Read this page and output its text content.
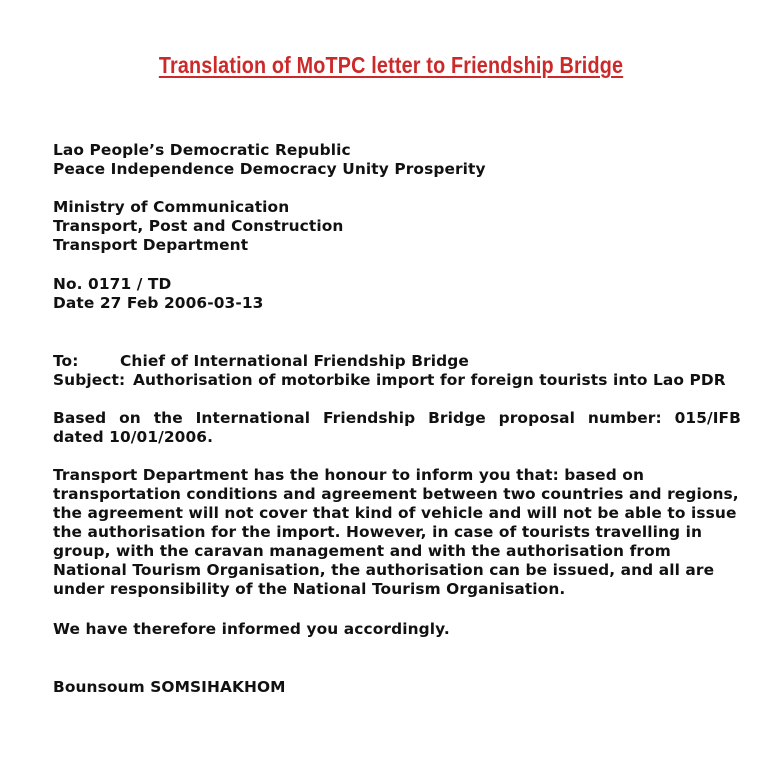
Translation of MoTPC letter to Friendship Bridge
Lao People’s Democratic Republic
Peace Independence Democracy Unity Prosperity
Ministry of Communication
Transport, Post and Construction
Transport Department
No. 0171 / TD
Date 27 Feb 2006-03-13
To:	Chief of International Friendship Bridge
Subject: Authorisation of motorbike import for foreign tourists into Lao PDR
Based on the International Friendship Bridge proposal number: 015/IFB
dated 10/01/2006.
Transport Department has the honour to inform you that: based on
transportation conditions and agreement between two countries and regions,
the agreement will not cover that kind of vehicle and will not be able to issue
the authorisation for the import. However, in case of tourists travelling in
group, with the caravan management and with the authorisation from
National Tourism Organisation, the authorisation can be issued, and all are
under responsibility of the National Tourism Organisation.
We have therefore informed you accordingly.
Bounsoum SOMSIHAKHOM
